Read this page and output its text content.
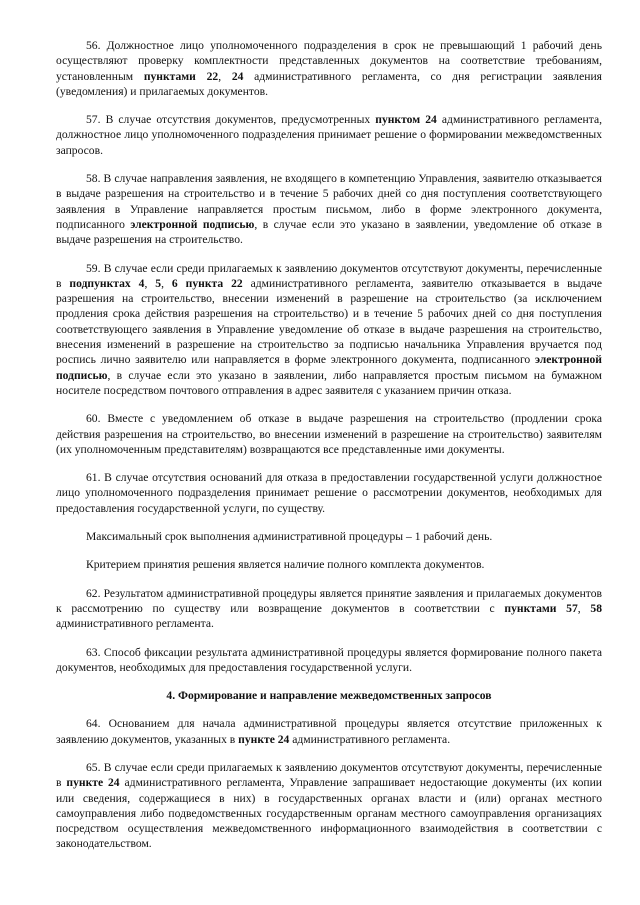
56. Должностное лицо уполномоченного подразделения в срок не превышающий 1 рабочий день осуществляют проверку комплектности представленных документов на соответствие требованиям, установленным пунктами 22, 24 административного регламента, со дня регистрации заявления (уведомления) и прилагаемых документов.

57. В случае отсутствия документов, предусмотренных пунктом 24 административного регламента, должностное лицо уполномоченного подразделения принимает решение о формировании межведомственных запросов.

58. В случае направления заявления, не входящего в компетенцию Управления, заявителю отказывается в выдаче разрешения на строительство и в течение 5 рабочих дней со дня поступления соответствующего заявления в Управление направляется простым письмом, либо в форме электронного документа, подписанного электронной подписью, в случае если это указано в заявлении, уведомление об отказе в выдаче разрешения на строительство.

59. В случае если среди прилагаемых к заявлению документов отсутствуют документы, перечисленные в подпунктах 4, 5, 6 пункта 22 административного регламента, заявителю отказывается в выдаче разрешения на строительство, внесении изменений в разрешение на строительство (за исключением продления срока действия разрешения на строительство) и в течение 5 рабочих дней со дня поступления соответствующего заявления в Управление уведомление об отказе в выдаче разрешения на строительство, внесения изменений в разрешение на строительство за подписью начальника Управления вручается под роспись лично заявителю или направляется в форме электронного документа, подписанного электронной подписью, в случае если это указано в заявлении, либо направляется простым письмом на бумажном носителе посредством почтового отправления в адрес заявителя с указанием причин отказа.

60. Вместе с уведомлением об отказе в выдаче разрешения на строительство (продлении срока действия разрешения на строительство, во внесении изменений в разрешение на строительство) заявителям (их уполномоченным представителям) возвращаются все представленные ими документы.

61. В случае отсутствия оснований для отказа в предоставлении государственной услуги должностное лицо уполномоченного подразделения принимает решение о рассмотрении документов, необходимых для предоставления государственной услуги, по существу.

Максимальный срок выполнения административной процедуры – 1 рабочий день.

Критерием принятия решения является наличие полного комплекта документов.

62. Результатом административной процедуры является принятие заявления и прилагаемых документов к рассмотрению по существу или возвращение документов в соответствии с пунктами 57, 58 административного регламента.

63. Способ фиксации результата административной процедуры является формирование полного пакета документов, необходимых для предоставления государственной услуги.

4. Формирование и направление межведомственных запросов

64. Основанием для начала административной процедуры является отсутствие приложенных к заявлению документов, указанных в пункте 24 административного регламента.

65. В случае если среди прилагаемых к заявлению документов отсутствуют документы, перечисленные в пункте 24 административного регламента, Управление запрашивает недостающие документы (их копии или сведения, содержащиеся в них) в государственных органах власти и (или) органах местного самоуправления либо подведомственных государственным органам местного самоуправления организациях посредством осуществления межведомственного информационного взаимодействия в соответствии с законодательством.
